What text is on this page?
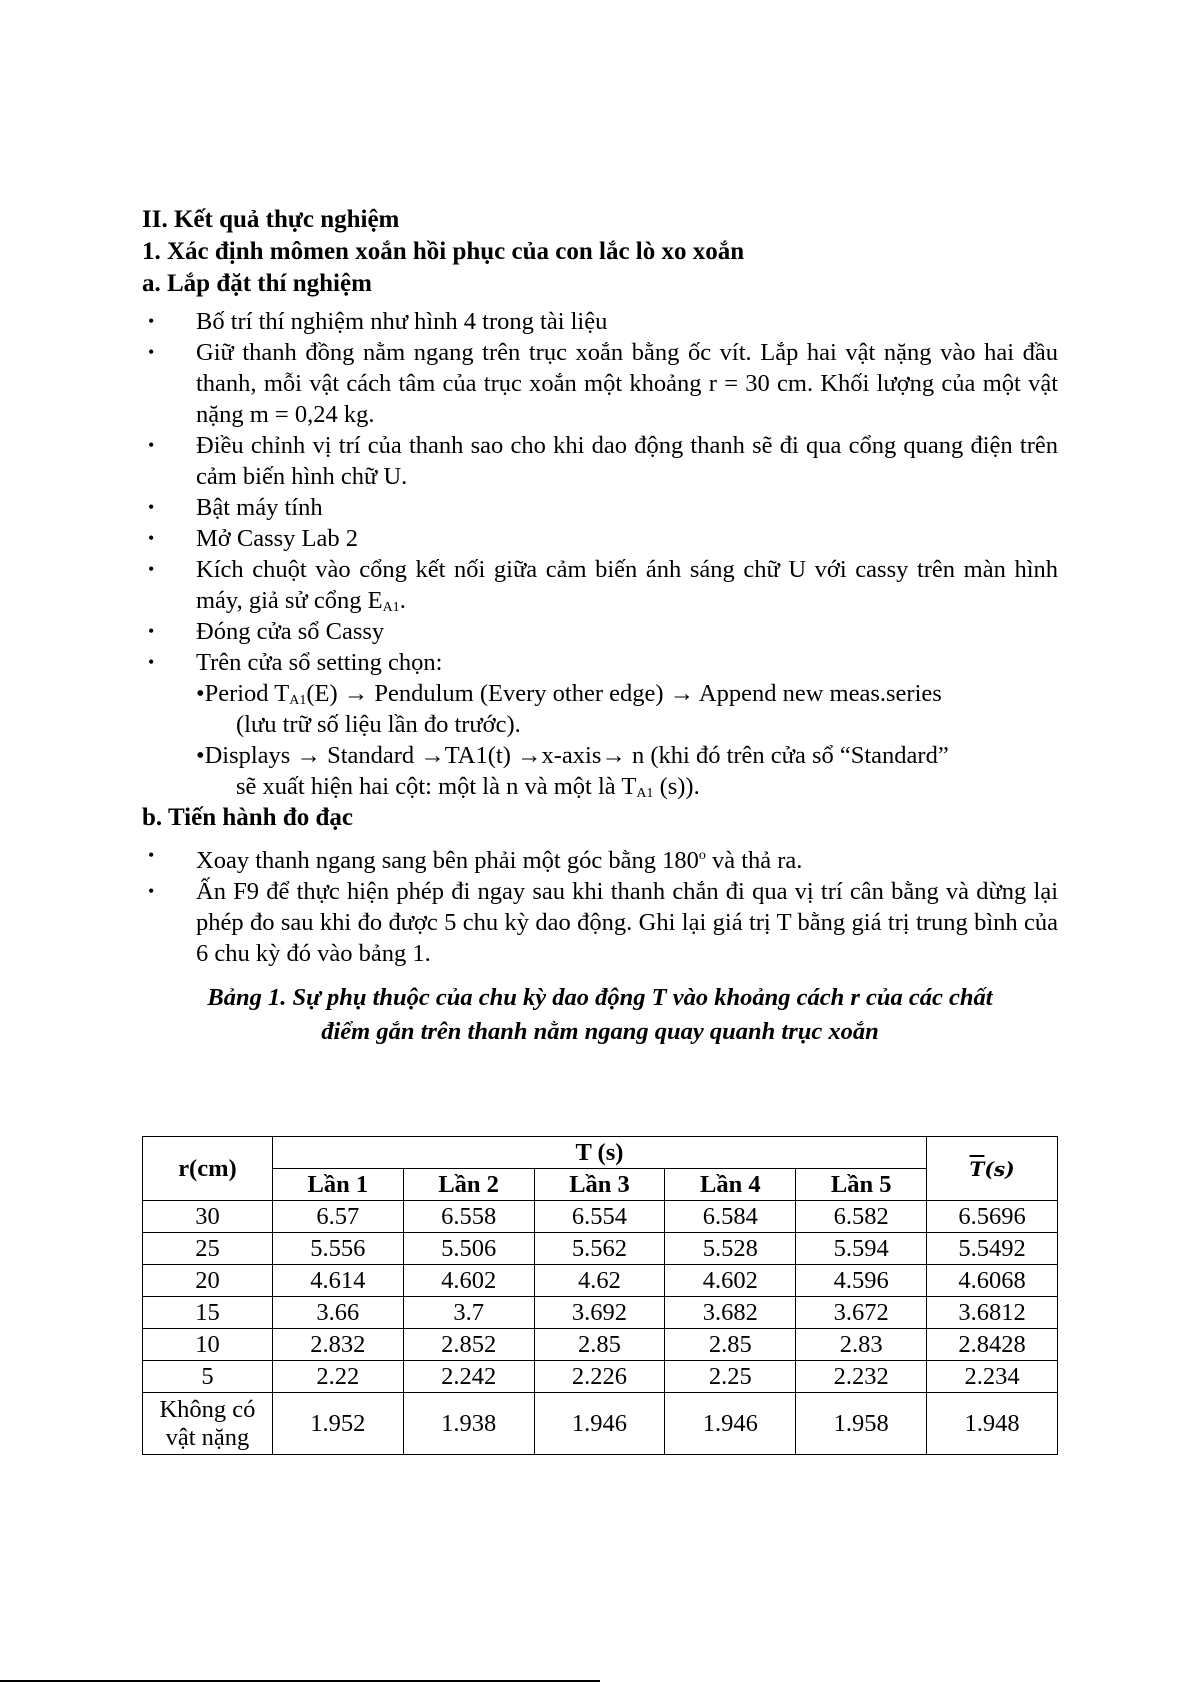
II. Kết quả thực nghiệm
1. Xác định mômen xoắn hồi phục của con lắc lò xo xoắn
a. Lắp đặt thí nghiệm
• Bố trí thí nghiệm như hình 4 trong tài liệu
• Giữ thanh đồng nằm ngang trên trục xoắn bằng ốc vít. Lắp hai vật nặng vào hai đầu thanh, mỗi vật cách tâm của trục xoắn một khoảng r = 30 cm. Khối lượng của một vật nặng m = 0,24 kg.
• Điều chỉnh vị trí của thanh sao cho khi dao động thanh sẽ đi qua cổng quang điện trên cảm biến hình chữ U.
• Bật máy tính
• Mở Cassy Lab 2
• Kích chuột vào cổng kết nối giữa cảm biến ánh sáng chữ U với cassy trên màn hình máy, giả sử cổng $E_{A1}$.
• Đóng cửa sổ Cassy
• Trên cửa sổ setting chọn:
•Period $T_{A1}(E)$ → Pendulum (Every other edge) → Append new meas.series
(lưu trữ số liệu lần đo trước).
•Displays → Standard →TA1(t) →x-axis→ n (khi đó trên cửa sổ “Standard”
sẽ xuất hiện hai cột: một là n và một là $T_{A1}$ (s)).
b. Tiến hành đo đạc
• Xoay thanh ngang sang bên phải một góc bằng 180$^o$ và thả ra.
• Ấn F9 để thực hiện phép đi ngay sau khi thanh chắn đi qua vị trí cân bằng và dừng lại phép đo sau khi đo được 5 chu kỳ dao động. Ghi lại giá trị T bằng giá trị trung bình của 6 chu kỳ đó vào bảng 1.
Bảng 1. Sự phụ thuộc của chu kỳ dao động T vào khoảng cách r của các chất
điểm gắn trên thanh nằm ngang quay quanh trục xoắn
r(cm)	T (s)					$\overline{T}(s)$
	Lần 1	Lần 2	Lần 3	Lần 4	Lần 5	
30	6.57	6.558	6.554	6.584	6.582	6.5696
25	5.556	5.506	5.562	5.528	5.594	5.5492
20	4.614	4.602	4.62	4.602	4.596	4.6068
15	3.66	3.7	3.692	3.682	3.672	3.6812
10	2.832	2.852	2.85	2.85	2.83	2.8428
5	2.22	2.242	2.226	2.25	2.232	2.234

Không có
vật nặng	1.952	1.938	1.946	1.946	1.958	1.948
